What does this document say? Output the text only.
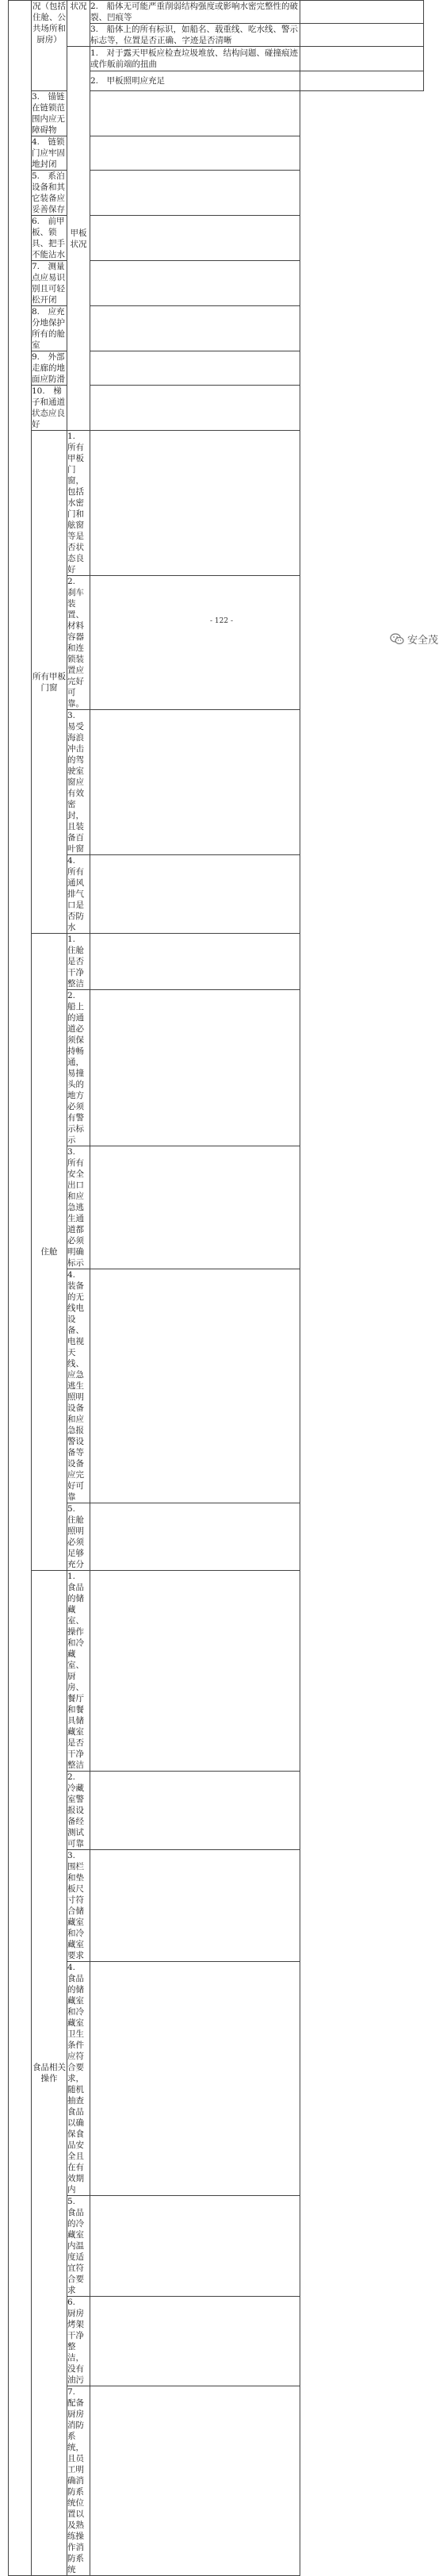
	况（包括住舱、公共场所和厨房）	状况	2.　船体无可能严重削弱结构强度或影响水密完整性的破裂、凹痕等	
			3.　船体上的所有标识，如船名、载重线、吃水线、警示标志等，位置是否正确、字迹是否清晰	
		甲板状况	1.　对于露天甲板应检查垃圾堆放、结构问题、碰撞痕迹或作舨前端的扭曲	
			2.　甲板照明应充足	
	3.　锚链在链锁范围内应无障碍物			
	4.　链锁门应牢固地封闭			
	5.　系泊设备和其它装备应妥善保存			
	6.　前甲板、锁具、把手不能沾水			
	7.　测量点应易识别且可轻松开闭			
	8.　应充分地保护所有的舱室			
	9.　外部走廊的地面应防滑			
	10.　梯子和通道状态应良好			
	所有甲板门窗	1.　所有甲板门窗，包括水密门和舷窗等是否状态良好		
		2.　刹车装置、材料容器和连锁装置应完好可靠。		
		3.　易受海浪冲击的驾驶室窗应有效密封，且装备百叶窗		
		4.　所有通风排气口是否防水		
	住舱	1.　住舱是否干净整洁		
		2.　船上的通道必须保持畅通，易撞头的地方必须有警示标示		
		3.　所有安全出口和应急逃生通道都必须明确标示		
		4.　装备的无线电设备、电视天线、应急逃生照明设备和应急报警设备等设备应完好可靠		
		5.　住舱照明必须足够充分		
	食品相关操作	1.　食品的储藏室、操作和冷藏室、厨房、餐厅和餐具储藏室是否干净整洁		
		2.　冷藏室警报设备经测试可靠		
		3.　围栏和垫板尺寸符合储藏室和冷藏室要求		
		4.　食品的储藏室和冷藏室卫生条件应符合要求，随机抽查食品以确保食品安全且在有效期内		
		5.　食品的冷藏室内温度适宜符合要求		
		6.　厨房烤架干净整洁，没有油污		
		7.　配备厨房消防系统，且员工明确消防系统位置以及熟练操作消防系统		
- 122 -
安全茂
